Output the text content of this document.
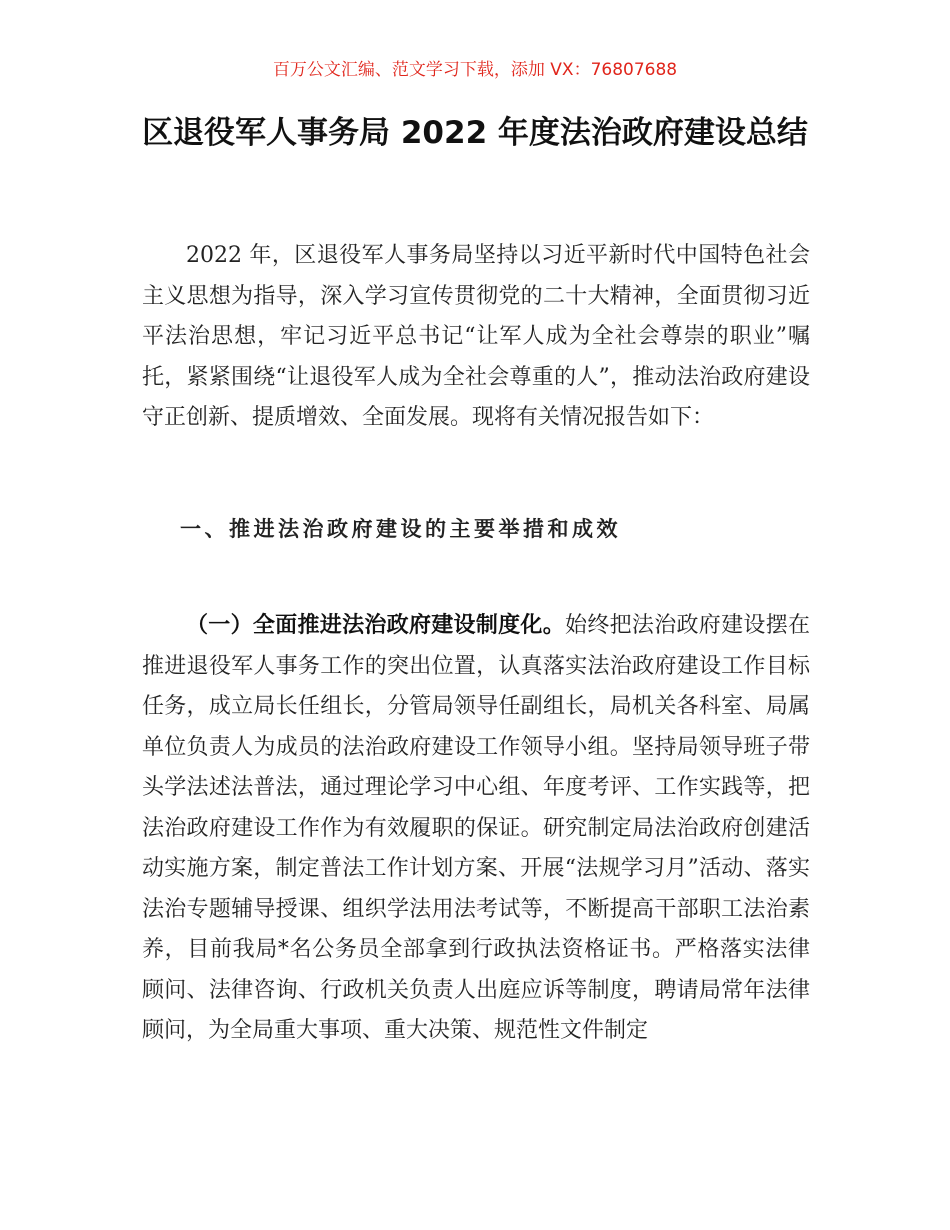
百万公文汇编、范文学习下载，添加 VX：76807688
区退役军人事务局 2022 年度法治政府建设总结

2022 年，区退役军人事务局坚持以习近平新时代中国特色社会主义思想为指导，深入学习宣传贯彻党的二十大精神，全面贯彻习近平法治思想，牢记习近平总书记“让军人成为全社会尊崇的职业”嘱托，紧紧围绕“让退役军人成为全社会尊重的人”，推动法治政府建设守正创新、提质增效、全面发展。现将有关情况报告如下：

一、推进法治政府建设的主要举措和成效

（一）全面推进法治政府建设制度化。始终把法治政府建设摆在推进退役军人事务工作的突出位置，认真落实法治政府建设工作目标任务，成立局长任组长，分管局领导任副组长，局机关各科室、局属单位负责人为成员的法治政府建设工作领导小组。坚持局领导班子带头学法述法普法，通过理论学习中心组、年度考评、工作实践等，把法治政府建设工作作为有效履职的保证。研究制定局法治政府创建活动实施方案，制定普法工作计划方案、开展“法规学习月”活动、落实法治专题辅导授课、组织学法用法考试等，不断提高干部职工法治素养，目前我局*名公务员全部拿到行政执法资格证书。严格落实法律顾问、法律咨询、行政机关负责人出庭应诉等制度，聘请局常年法律顾问，为全局重大事项、重大决策、规范性文件制定
